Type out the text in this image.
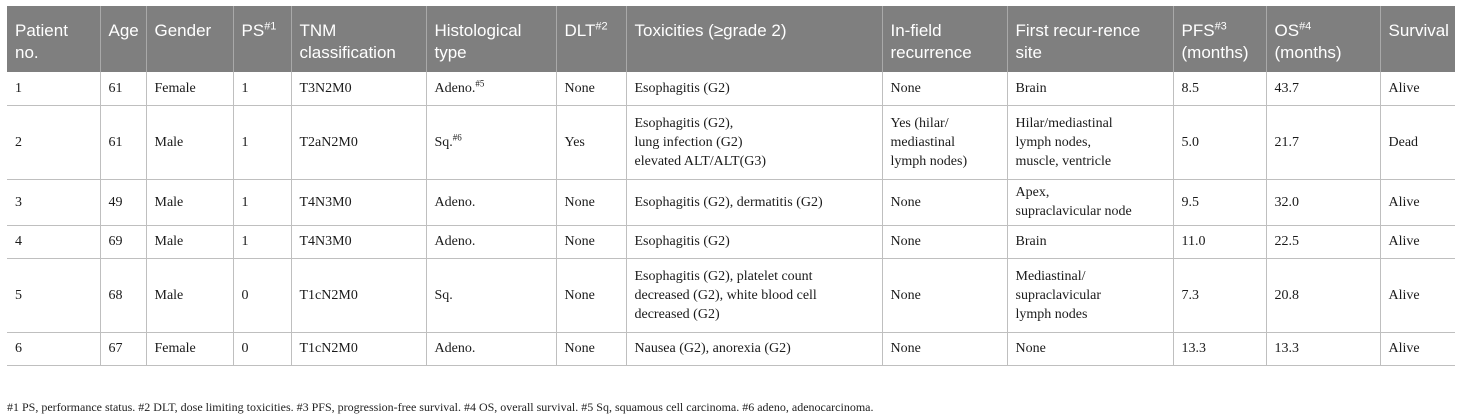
Patient no.	Age	Gender	PS$^{\#1}$	TNM classification	Histological type	DLT$^{\#2}$	Toxicities (≥grade 2)	In-field recurrence	First recur-rence site	PFS$^{\#3}$ (months)	OS$^{\#4}$ (months)	Survival
1	61	Female	1	T3N2M0	Adeno.$^{\#5}$	None	Esophagitis (G2)	None	Brain	8.5	43.7	Alive
2	61	Male	1	T2aN2M0	Sq.$^{\#6}$	Yes	Esophagitis (G2),
lung infection (G2)
elevated ALT/ALT(G3)	Yes (hilar/
mediastinal
lymph nodes)	Hilar/mediastinal
lymph nodes,
muscle, ventricle	5.0	21.7	Dead
3	49	Male	1	T4N3M0	Adeno.	None	Esophagitis (G2), dermatitis (G2)	None	Apex,
supraclavicular node	9.5	32.0	Alive
4	69	Male	1	T4N3M0	Adeno.	None	Esophagitis (G2)	None	Brain	11.0	22.5	Alive
5	68	Male	0	T1cN2M0	Sq.	None	Esophagitis (G2), platelet count
decreased (G2), white blood cell
decreased (G2)	None	Mediastinal/
supraclavicular
lymph nodes	7.3	20.8	Alive
6	67	Female	0	T1cN2M0	Adeno.	None	Nausea (G2), anorexia (G2)	None	None	13.3	13.3	Alive
#1 PS, performance status. #2 DLT, dose limiting toxicities. #3 PFS, progression-free survival. #4 OS, overall survival. #5 Sq, squamous cell carcinoma. #6 adeno, adenocarcinoma.
